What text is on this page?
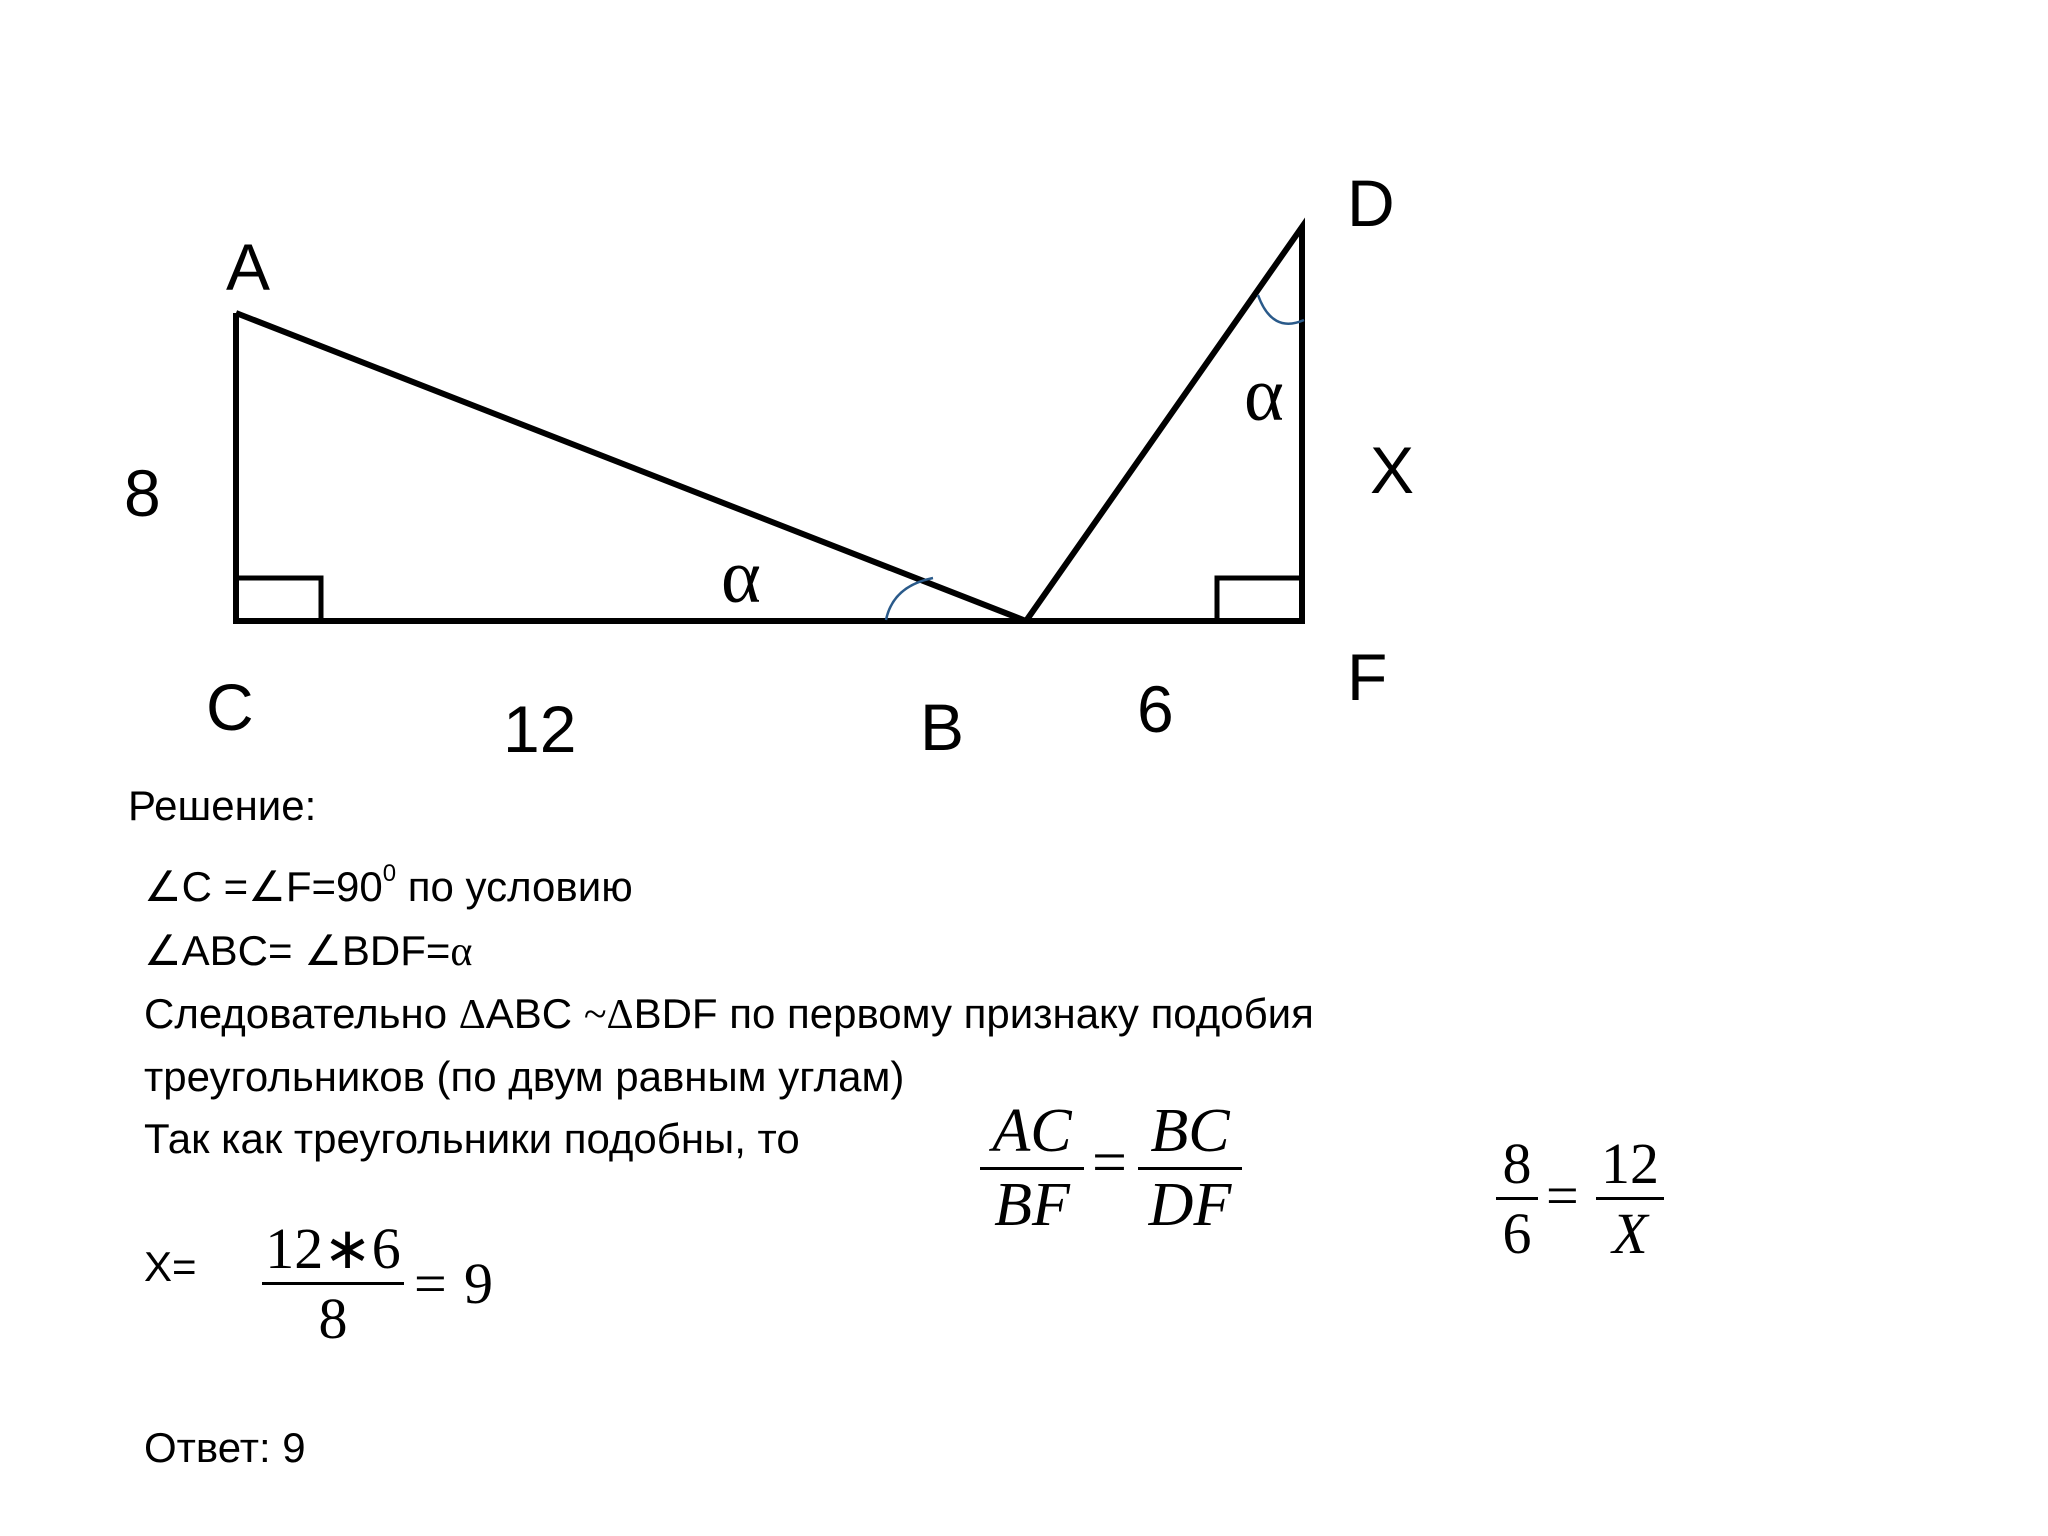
A
C	B
D
F
8
12	6
X
α
α
Решение:
∠C $=\angle F=90^0$ по условию
∠ABC= ∠BDF=α
Следовательно ΔABC ~ΔBDF по первому признаку подобия
треугольников (по двум равным углам)
Так как треугольники подобны, то
X=
Ответ: 9
AC
BF
= BC
DF
8
6
= 12
X
12∗6
8
= 9
